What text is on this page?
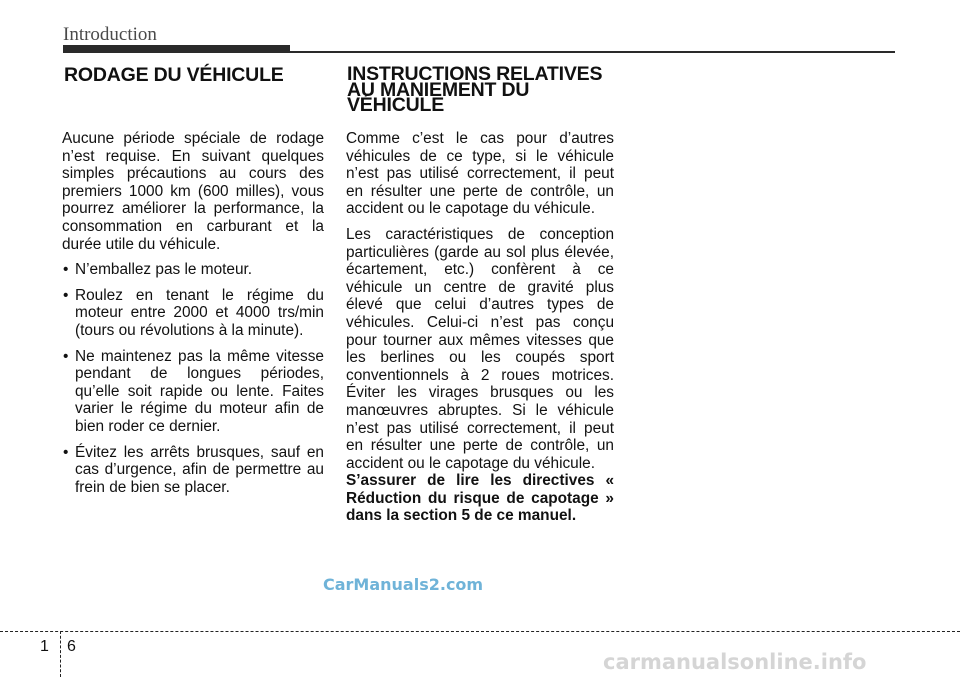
Introduction
RODAGE DU VÉHICULE	INSTRUCTIONS RELATIVES
AU MANIEMENT DU
VÉHICULE

Aucune période spéciale de rodage n’est requise. En suivant quelques simples précautions au cours des premiers 1000 km (600 milles), vous pourrez améliorer la performance, la consommation en carburant et la durée utile du véhicule.

• N’emballez pas le moteur.
• Roulez en tenant le régime du moteur entre 2000 et 4000 trs/min (tours ou révolutions à la minute).
• Ne maintenez pas la même vitesse pendant de longues périodes, qu’elle soit rapide ou lente. Faites varier le régime du moteur afin de bien roder ce dernier.
• Évitez les arrêts brusques, sauf en cas d’urgence, afin de permettre au frein de bien se placer.

Comme c’est le cas pour d’autres véhicules de ce type, si le véhicule n’est pas utilisé correctement, il peut en résulter une perte de contrôle, un accident ou le capotage du véhicule.

Les caractéristiques de conception particulières (garde au sol plus élevée, écartement, etc.) confèrent à ce véhicule un centre de gravité plus élevé que celui d’autres types de véhicules. Celui-ci n’est pas conçu pour tourner aux mêmes vitesses que les berlines ou les coupés sport conventionnels à 2 roues motrices. Éviter les virages brusques ou les manœuvres abruptes. Si le véhicule n’est pas utilisé correctement, il peut en résulter une perte de contrôle, un accident ou le capotage du véhicule.

S’assurer de lire les directives « Réduction du risque de capotage » dans la section 5 de ce manuel.
CarManuals2.com
1 6
carmanualsonline.info
